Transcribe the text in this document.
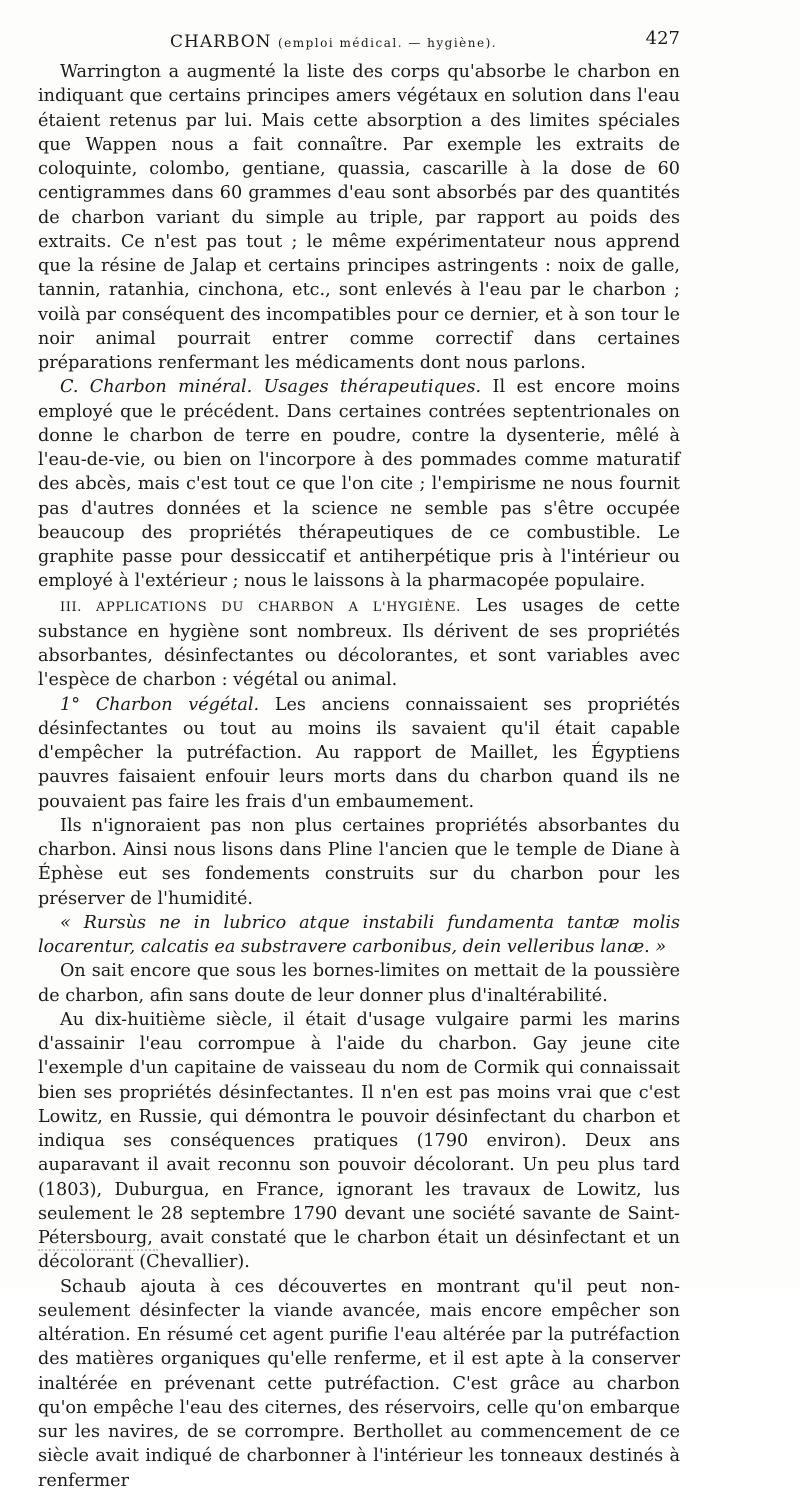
CHARBON (emploi médical. — hygiène).	427

Warrington a augmenté la liste des corps qu'absorbe le charbon en indiquant que certains principes amers végétaux en solution dans l'eau étaient retenus par lui. Mais cette absorption a des limites spéciales que Wappen nous a fait connaître. Par exemple les extraits de coloquinte, colombo, gentiane, quassia, cascarille à la dose de 60 centigrammes dans 60 grammes d'eau sont absorbés par des quantités de charbon variant du simple au triple, par rapport au poids des extraits. Ce n'est pas tout ; le même expérimentateur nous apprend que la résine de Jalap et certains principes astringents : noix de galle, tannin, ratanhia, cinchona, etc., sont enlevés à l'eau par le charbon ; voilà par conséquent des incompatibles pour ce dernier, et à son tour le noir animal pourrait entrer comme correctif dans certaines préparations renfermant les médicaments dont nous parlons.

C. Charbon minéral. Usages thérapeutiques. Il est encore moins employé que le précédent. Dans certaines contrées septentrionales on donne le charbon de terre en poudre, contre la dysenterie, mêlé à l'eau-de-vie, ou bien on l'incorpore à des pommades comme maturatif des abcès, mais c'est tout ce que l'on cite ; l'empirisme ne nous fournit pas d'autres données et la science ne semble pas s'être occupée beaucoup des propriétés thérapeutiques de ce combustible. Le graphite passe pour dessiccatif et antiherpétique pris à l'intérieur ou employé à l'extérieur ; nous le laissons à la pharmacopée populaire.

III. APPLICATIONS DU CHARBON A L'HYGIÈNE. Les usages de cette substance en hygiène sont nombreux. Ils dérivent de ses propriétés absorbantes, désinfectantes ou décolorantes, et sont variables avec l'espèce de charbon : végétal ou animal.

1° Charbon végétal. Les anciens connaissaient ses propriétés désinfectantes ou tout au moins ils savaient qu'il était capable d'empêcher la putréfaction. Au rapport de Maillet, les Égyptiens pauvres faisaient enfouir leurs morts dans du charbon quand ils ne pouvaient pas faire les frais d'un embaumement.

Ils n'ignoraient pas non plus certaines propriétés absorbantes du charbon. Ainsi nous lisons dans Pline l'ancien que le temple de Diane à Éphèse eut ses fondements construits sur du charbon pour les préserver de l'humidité.

« Rursùs ne in lubrico atque instabili fundamenta tantæ molis locarentur, calcatis ea substravere carbonibus, dein velleribus lanæ. »

On sait encore que sous les bornes-limites on mettait de la poussière de charbon, afin sans doute de leur donner plus d'inaltérabilité.

Au dix-huitième siècle, il était d'usage vulgaire parmi les marins d'assainir l'eau corrompue à l'aide du charbon. Gay jeune cite l'exemple d'un capitaine de vaisseau du nom de Cormik qui connaissait bien ses propriétés désinfectantes. Il n'en est pas moins vrai que c'est Lowitz, en Russie, qui démontra le pouvoir désinfectant du charbon et indiqua ses conséquences pratiques (1790 environ). Deux ans auparavant il avait reconnu son pouvoir décolorant. Un peu plus tard (1803), Duburgua, en France, ignorant les travaux de Lowitz, lus seulement le 28 septembre 1790 devant une société savante de Saint-Pétersbourg, avait constaté que le charbon était un désinfectant et un décolorant (Chevallier).

Schaub ajouta à ces découvertes en montrant qu'il peut non-seulement désinfecter la viande avancée, mais encore empêcher son altération. En résumé cet agent purifie l'eau altérée par la putréfaction des matières organiques qu'elle renferme, et il est apte à la conserver inaltérée en prévenant cette putréfaction. C'est grâce au charbon qu'on empêche l'eau des citernes, des réservoirs, celle qu'on embarque sur les navires, de se corrompre. Berthollet au commencement de ce siècle avait indiqué de charbonner à l'intérieur les tonneaux destinés à renfermer
